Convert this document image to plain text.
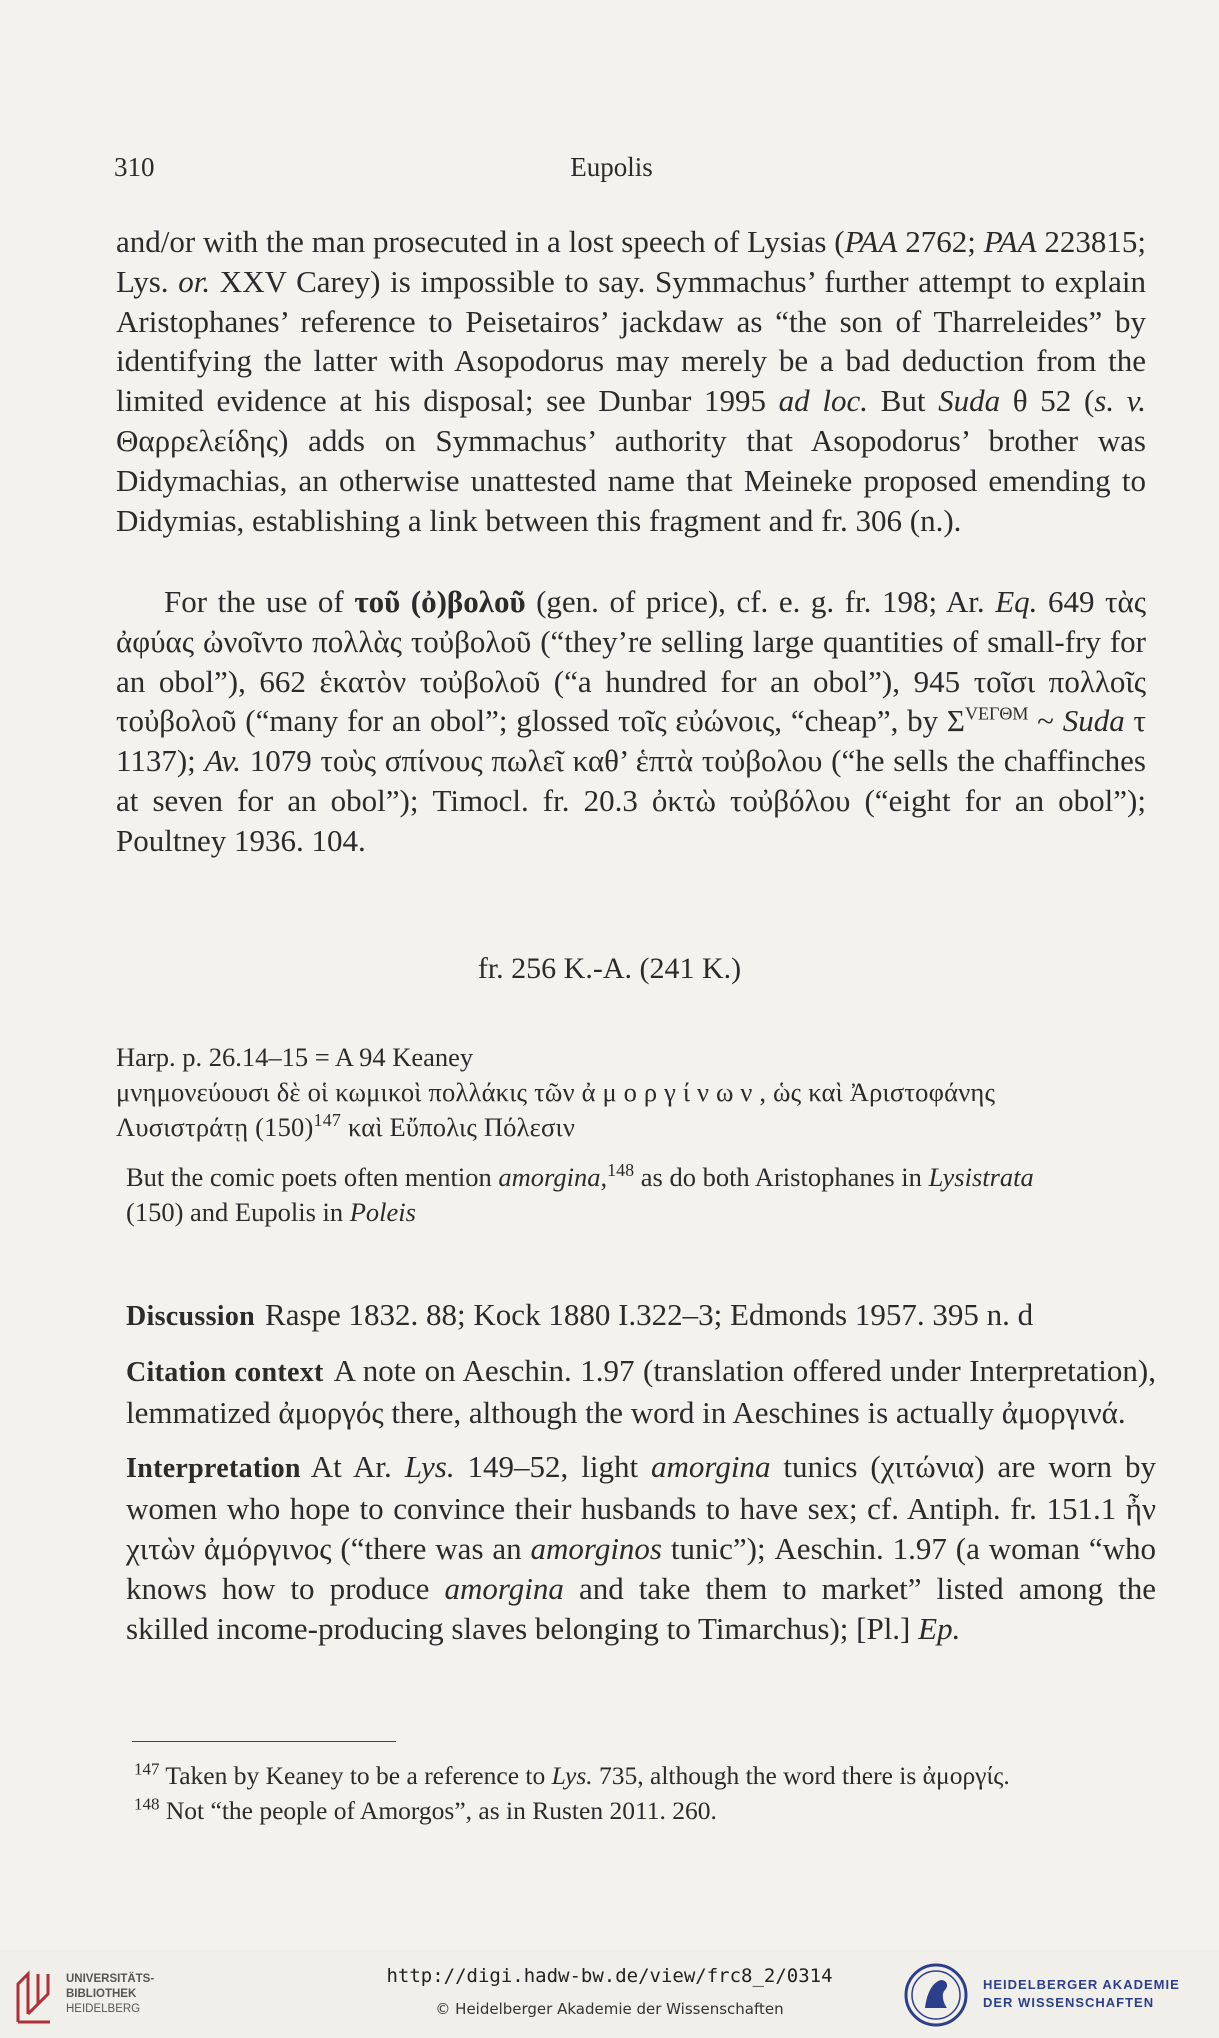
310	Eupolis

and/or with the man prosecuted in a lost speech of Lysias (PAA 2762; PAA 223815; Lys. or. XXV Carey) is impossible to say. Symmachus’ further attempt to explain Aristophanes’ reference to Peisetairos’ jackdaw as “the son of Tharreleides” by identifying the latter with Asopodorus may merely be a bad deduction from the limited evidence at his disposal; see Dunbar 1995 ad loc. But Suda θ 52 (s. v. Θαρρελείδης) adds on Symmachus’ authority that Asopodorus’ brother was Didymachias, an otherwise unattested name that Meineke proposed emending to Didymias, establishing a link between this fragment and fr. 306 (n.).

For the use of τοῦ (ὀ)βολοῦ (gen. of price), cf. e. g. fr. 198; Ar. Eq. 649 τὰς ἀφύας ὠνοῖντο πολλὰς τοὐβολοῦ (“they’re selling large quantities of small-fry for an obol”), 662 ἑκατὸν τοὐβολοῦ (“a hundred for an obol”), 945 τοῖσι πολλοῖς τοὐβολοῦ (“many for an obol”; glossed τοῖς εὐώνοις, “cheap”, by $\Sigma^{VE\Gamma\Theta M}$ ~ Suda τ 1137); Av. 1079 τοὺς σπίνους πωλεῖ καθ’ ἑπτὰ τοὐβολου (“he sells the chaffinches at seven for an obol”); Timocl. fr. 20.3 ὀκτὼ τοὐβόλου (“eight for an obol”); Poultney 1936. 104.

fr. 256 K.-A. (241 K.)

Harp. p. 26.14–15 = A 94 Keaney

μνημονεύουσι δὲ οἱ κωμικοὶ πολλάκις τῶν ἀμοργίνων, ὡς καὶ Ἀριστοφάνης

Λυσιστράτῃ $(150)^{147}$ καὶ Εὔπολις Πόλεσιν

But the comic poets often mention amorgina,$^{148}$ as do both Aristophanes in Lysistrata

(150) and Eupolis in Poleis

Discussion Raspe 1832. 88; Kock 1880 I.322–3; Edmonds 1957. 395 n. d

Citation context A note on Aeschin. 1.97 (translation offered under Interpretation), lemmatized ἀμοργός there, although the word in Aeschines is actually ἀμοργινά.

Interpretation At Ar. Lys. 149–52, light amorgina tunics (χιτώνια) are worn by women who hope to convince their husbands to have sex; cf. Antiph. fr. 151.1 ἦν χιτὼν ἀμόργινος (“there was an amorginos tunic”); Aeschin. 1.97 (a woman “who knows how to produce amorgina and take them to market” listed among the skilled income-producing slaves belonging to Timarchus); [Pl.] Ep.

$^{147}$ Taken by Keaney to be a reference to Lys. 735, although the word there is ἀμοργίς.

$^{148}$ Not “the people of Amorgos”, as in Rusten 2011. 260.

UNIVERSITÄTS-
BIBLIOTHEK
HEIDELBERG
http://digi.hadw-bw.de/view/frc8_2/0314
© Heidelberger Akademie der Wissenschaften
HEIDELBERGER AKADEMIE
DER WISSENSCHAFTEN
